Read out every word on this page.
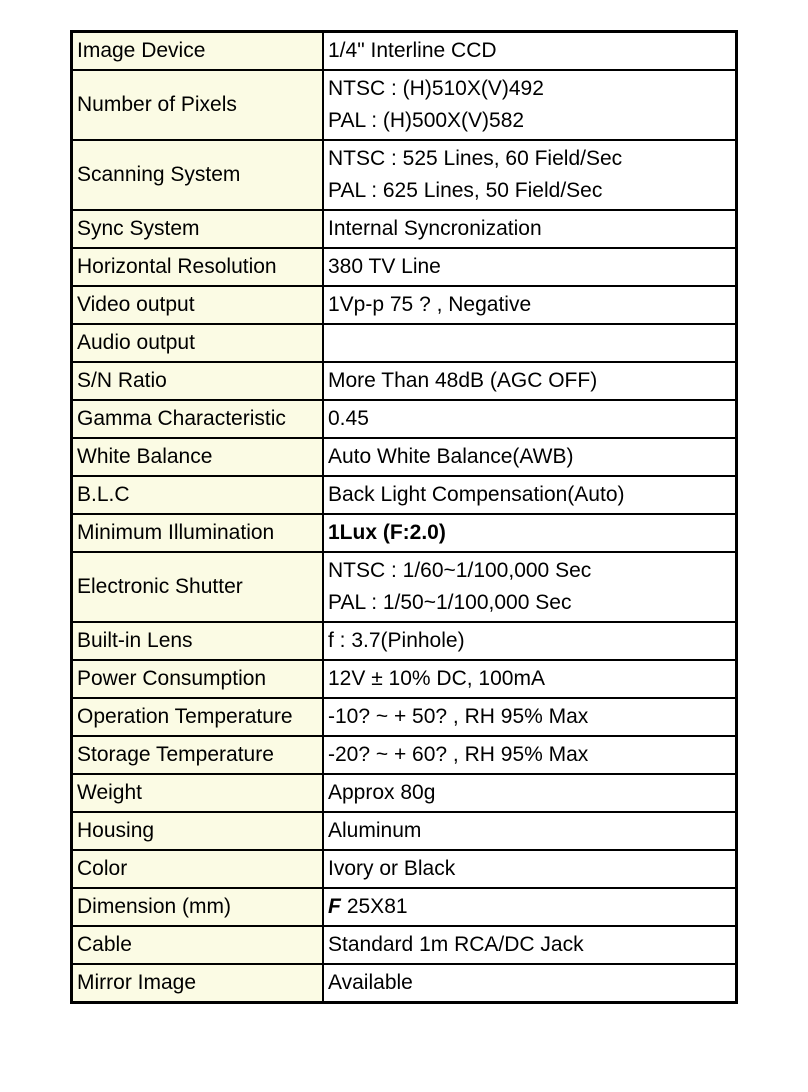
Image Device	1/4" Interline CCD

Number of Pixels	NTSC : (H)510X(V)492
PAL : (H)500X(V)582

Scanning System	NTSC : 525 Lines, 60 Field/Sec
PAL : 625 Lines, 50 Field/Sec

Sync System	Internal Syncronization

Horizontal Resolution	380 TV Line

Video output	1Vp-p 75 ? , Negative

Audio output	

S/N Ratio	More Than 48dB (AGC OFF)

Gamma Characteristic	0.45

White Balance	Auto White Balance(AWB)

B.L.C	Back Light Compensation(Auto)

Minimum Illumination	1Lux (F:2.0)

Electronic Shutter	NTSC : 1/60~1/100,000 Sec
PAL : 1/50~1/100,000 Sec

Built-in Lens	f : 3.7(Pinhole)

Power Consumption	12V ± 10% DC, 100mA

Operation Temperature	-10? ~ + 50? , RH 95% Max

Storage Temperature	-20? ~ + 60? , RH 95% Max

Weight	Approx 80g

Housing	Aluminum

Color	Ivory or Black

Dimension (mm)	F 25X81

Cable	Standard 1m RCA/DC Jack

Mirror Image	Available
